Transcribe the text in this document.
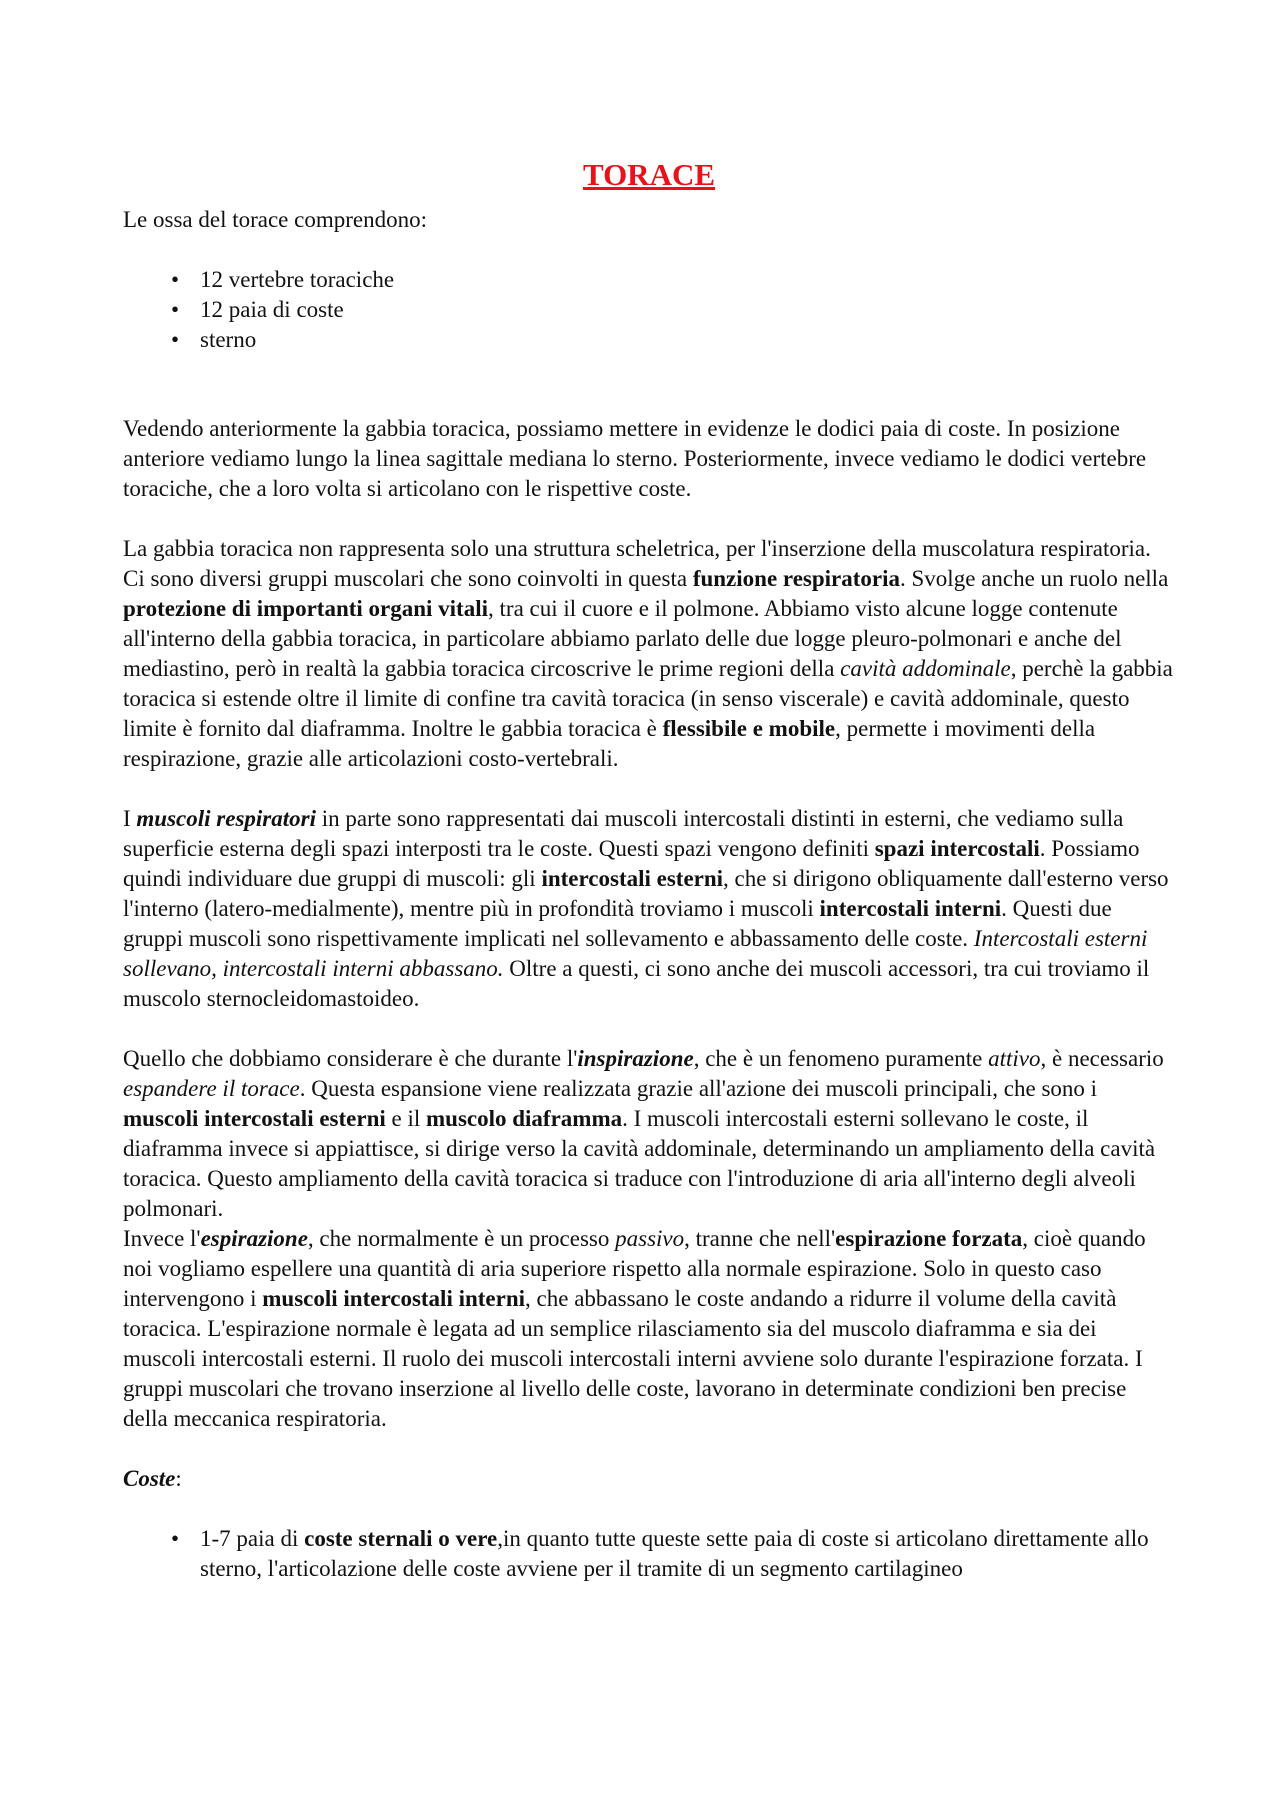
TORACE

Le ossa del torace comprendono:

• 12 vertebre toraciche
• 12 paia di coste
• sterno

Vedendo anteriormente la gabbia toracica, possiamo mettere in evidenze le dodici paia di coste. In posizione anteriore vediamo lungo la linea sagittale mediana lo sterno. Posteriormente, invece vediamo le dodici vertebre toraciche, che a loro volta si articolano con le rispettive coste.

La gabbia toracica non rappresenta solo una struttura scheletrica, per l'inserzione della muscolatura respiratoria. Ci sono diversi gruppi muscolari che sono coinvolti in questa funzione respiratoria. Svolge anche un ruolo nella protezione di importanti organi vitali, tra cui il cuore e il polmone. Abbiamo visto alcune logge contenute all'interno della gabbia toracica, in particolare abbiamo parlato delle due logge pleuro-polmonari e anche del mediastino, però in realtà la gabbia toracica circoscrive le prime regioni della cavità addominale, perchè la gabbia toracica si estende oltre il limite di confine tra cavità toracica (in senso viscerale) e cavità addominale, questo limite è fornito dal diaframma. Inoltre le gabbia toracica è flessibile e mobile, permette i movimenti della respirazione, grazie alle articolazioni costo-vertebrali.

I muscoli respiratori in parte sono rappresentati dai muscoli intercostali distinti in esterni, che vediamo sulla superficie esterna degli spazi interposti tra le coste. Questi spazi vengono definiti spazi intercostali. Possiamo quindi individuare due gruppi di muscoli: gli intercostali esterni, che si dirigono obliquamente dall'esterno verso l'interno (latero-medialmente), mentre più in profondità troviamo i muscoli intercostali interni. Questi due gruppi muscoli sono rispettivamente implicati nel sollevamento e abbassamento delle coste. Intercostali esterni sollevano, intercostali interni abbassano. Oltre a questi, ci sono anche dei muscoli accessori, tra cui troviamo il muscolo sternocleidomastoideo.

Quello che dobbiamo considerare è che durante l'inspirazione, che è un fenomeno puramente attivo, è necessario espandere il torace. Questa espansione viene realizzata grazie all'azione dei muscoli principali, che sono i muscoli intercostali esterni e il muscolo diaframma. I muscoli intercostali esterni sollevano le coste, il diaframma invece si appiattisce, si dirige verso la cavità addominale, determinando un ampliamento della cavità toracica. Questo ampliamento della cavità toracica si traduce con l'introduzione di aria all'interno degli alveoli polmonari.

Invece l'espirazione, che normalmente è un processo passivo, tranne che nell'espirazione forzata, cioè quando noi vogliamo espellere una quantità di aria superiore rispetto alla normale espirazione. Solo in questo caso intervengono i muscoli intercostali interni, che abbassano le coste andando a ridurre il volume della cavità toracica. L'espirazione normale è legata ad un semplice rilasciamento sia del muscolo diaframma e sia dei muscoli intercostali esterni. Il ruolo dei muscoli intercostali interni avviene solo durante l'espirazione forzata. I gruppi muscolari che trovano inserzione al livello delle coste, lavorano in determinate condizioni ben precise della meccanica respiratoria.

Coste:

• 1-7 paia di coste sternali o vere,in quanto tutte queste sette paia di coste si articolano direttamente allo sterno, l'articolazione delle coste avviene per il tramite di un segmento cartilagineo
